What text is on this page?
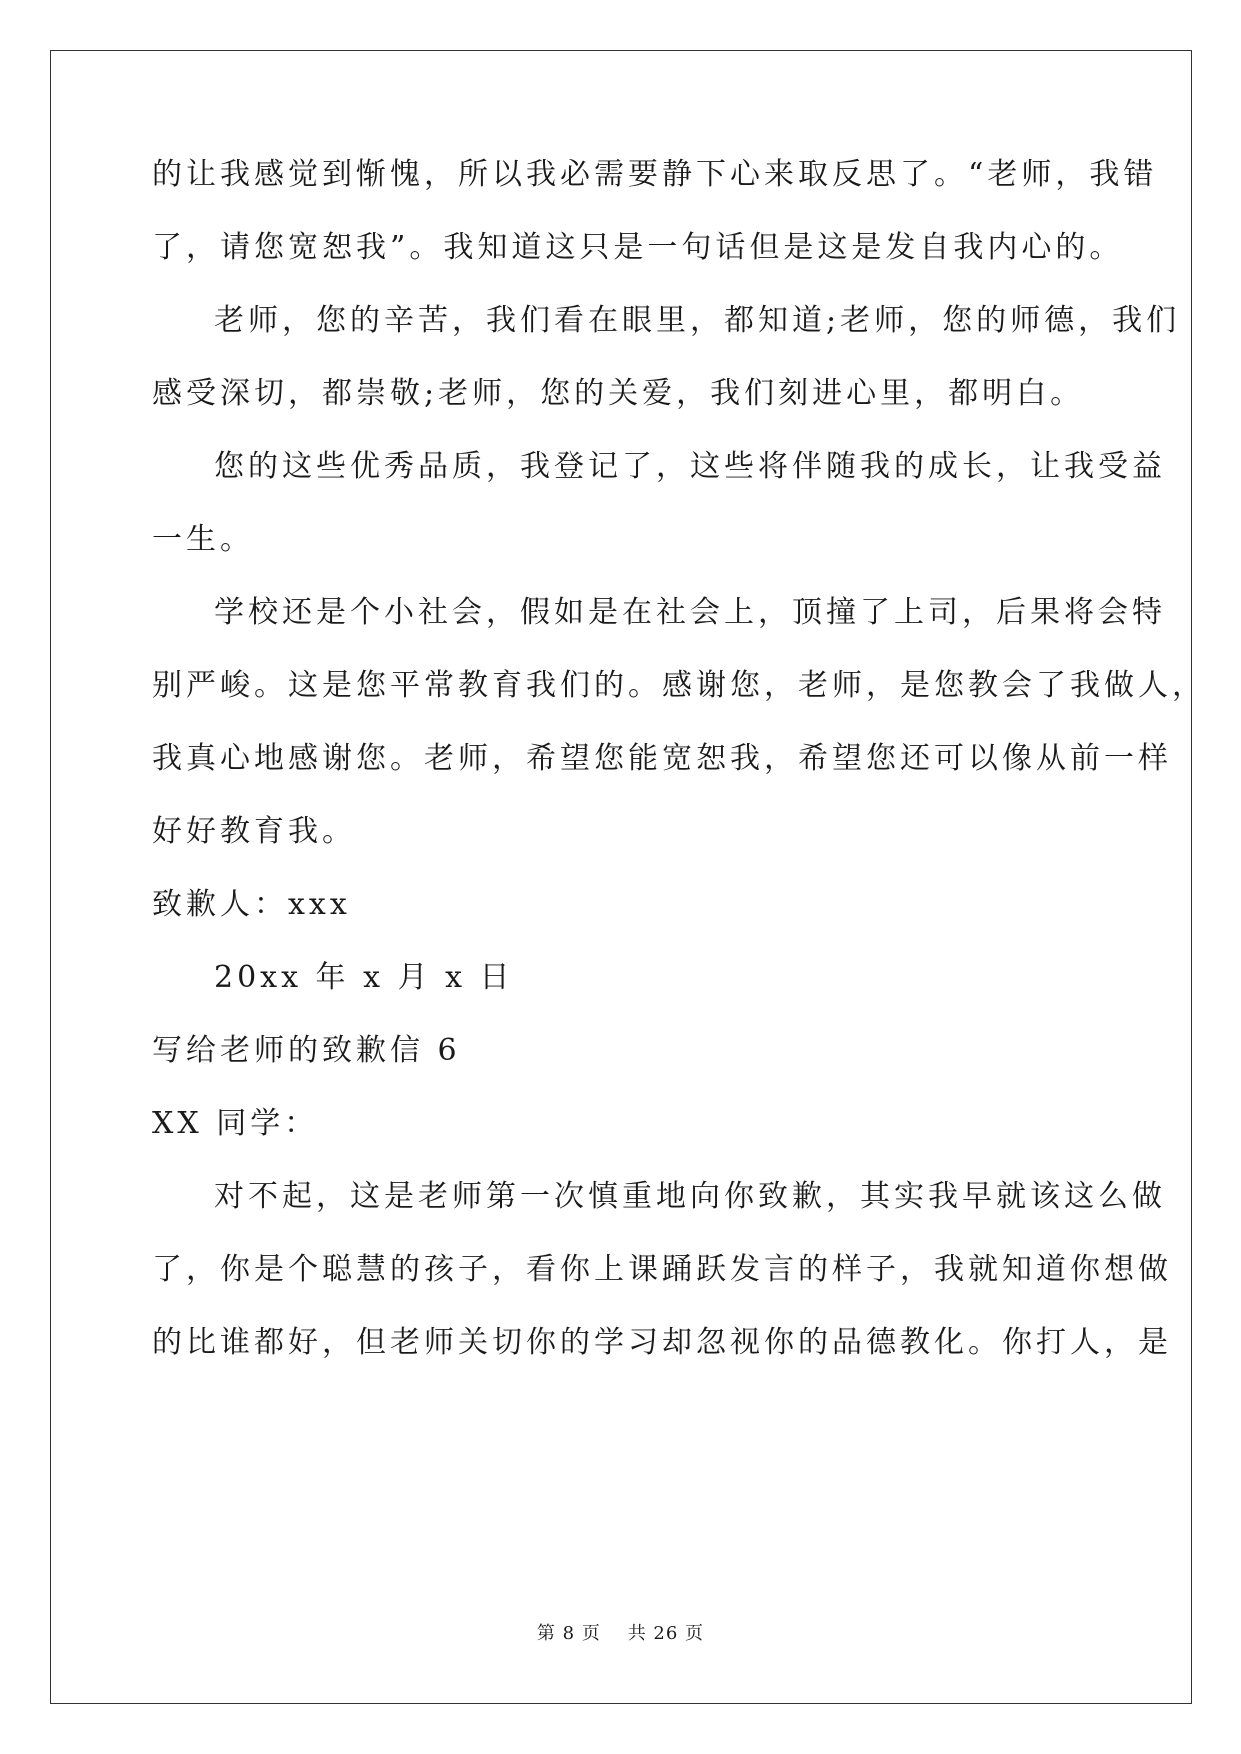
的让我感觉到惭愧，所以我必需要静下心来取反思了。“老师，我错
了，请您宽恕我”。我知道这只是一句话但是这是发自我内心的。
老师，您的辛苦，我们看在眼里，都知道;老师，您的师德，我们
感受深切，都崇敬;老师，您的关爱，我们刻进心里，都明白。
您的这些优秀品质，我登记了，这些将伴随我的成长，让我受益
一生。
学校还是个小社会，假如是在社会上，顶撞了上司，后果将会特
别严峻。这是您平常教育我们的。感谢您，老师，是您教会了我做人，
我真心地感谢您。老师，希望您能宽恕我，希望您还可以像从前一样
好好教育我。
致歉人：xxx
20xx 年 x 月 x 日
写给老师的致歉信 6
XX 同学：
对不起，这是老师第一次慎重地向你致歉，其实我早就该这么做
了，你是个聪慧的孩子，看你上课踊跃发言的样子，我就知道你想做
的比谁都好，但老师关切你的学习却忽视你的品德教化。你打人，是
第 8 页    共 26 页
